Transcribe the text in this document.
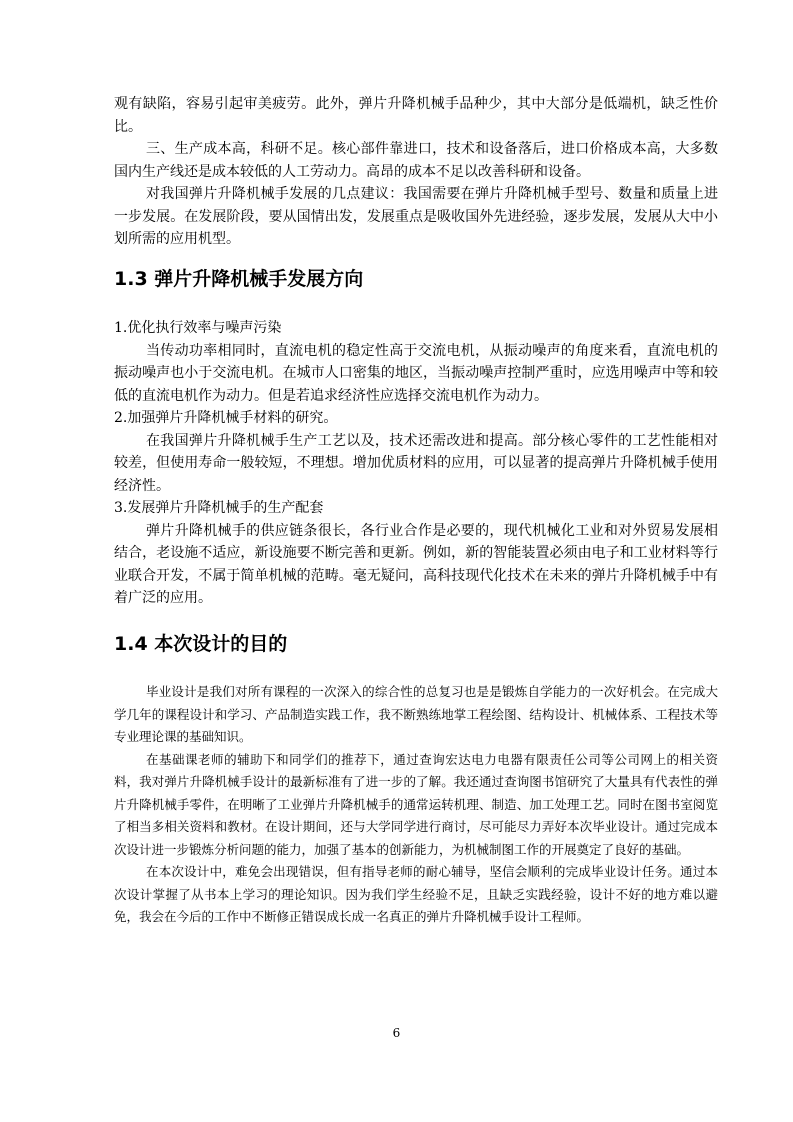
观有缺陷，容易引起审美疲劳。此外，弹片升降机械手品种少，其中大部分是低端机，缺乏性价比。

三、生产成本高，科研不足。核心部件靠进口，技术和设备落后，进口价格成本高，大多数国内生产线还是成本较低的人工劳动力。高昂的成本不足以改善科研和设备。

对我国弹片升降机械手发展的几点建议：我国需要在弹片升降机械手型号、数量和质量上进一步发展。在发展阶段，要从国情出发，发展重点是吸收国外先进经验，逐步发展，发展从大中小划所需的应用机型。

1.3 弹片升降机械手发展方向

1.优化执行效率与噪声污染

当传动功率相同时，直流电机的稳定性高于交流电机，从振动噪声的角度来看，直流电机的振动噪声也小于交流电机。在城市人口密集的地区，当振动噪声控制严重时，应选用噪声中等和较低的直流电机作为动力。但是若追求经济性应选择交流电机作为动力。

2.加强弹片升降机械手材料的研究。

在我国弹片升降机械手生产工艺以及，技术还需改进和提高。部分核心零件的工艺性能相对较差，但使用寿命一般较短，不理想。增加优质材料的应用，可以显著的提高弹片升降机械手使用经济性。

3.发展弹片升降机械手的生产配套

弹片升降机械手的供应链条很长，各行业合作是必要的，现代机械化工业和对外贸易发展相结合，老设施不适应，新设施要不断完善和更新。例如，新的智能装置必须由电子和工业材料等行业联合开发，不属于简单机械的范畴。毫无疑问，高科技现代化技术在未来的弹片升降机械手中有着广泛的应用。

1.4 本次设计的目的

毕业设计是我们对所有课程的一次深入的综合性的总复习也是是锻炼自学能力的一次好机会。在完成大学几年的课程设计和学习、产品制造实践工作，我不断熟练地掌工程绘图、结构设计、机械体系、工程技术等专业理论课的基础知识。

在基础课老师的辅助下和同学们的推荐下，通过查询宏达电力电器有限责任公司等公司网上的相关资料，我对弹片升降机械手设计的最新标准有了进一步的了解。我还通过查询图书馆研究了大量具有代表性的弹片升降机械手零件，在明晰了工业弹片升降机械手的通常运转机理、制造、加工处理工艺。同时在图书室阅览了相当多相关资料和教材。在设计期间，还与大学同学进行商讨，尽可能尽力弄好本次毕业设计。通过完成本次设计进一步锻炼分析问题的能力，加强了基本的创新能力，为机械制图工作的开展奠定了良好的基础。

在本次设计中，难免会出现错误，但有指导老师的耐心辅导，坚信会顺利的完成毕业设计任务。通过本次设计掌握了从书本上学习的理论知识。因为我们学生经验不足，且缺乏实践经验，设计不好的地方难以避免，我会在今后的工作中不断修正错误成长成一名真正的弹片升降机械手设计工程师。

6
